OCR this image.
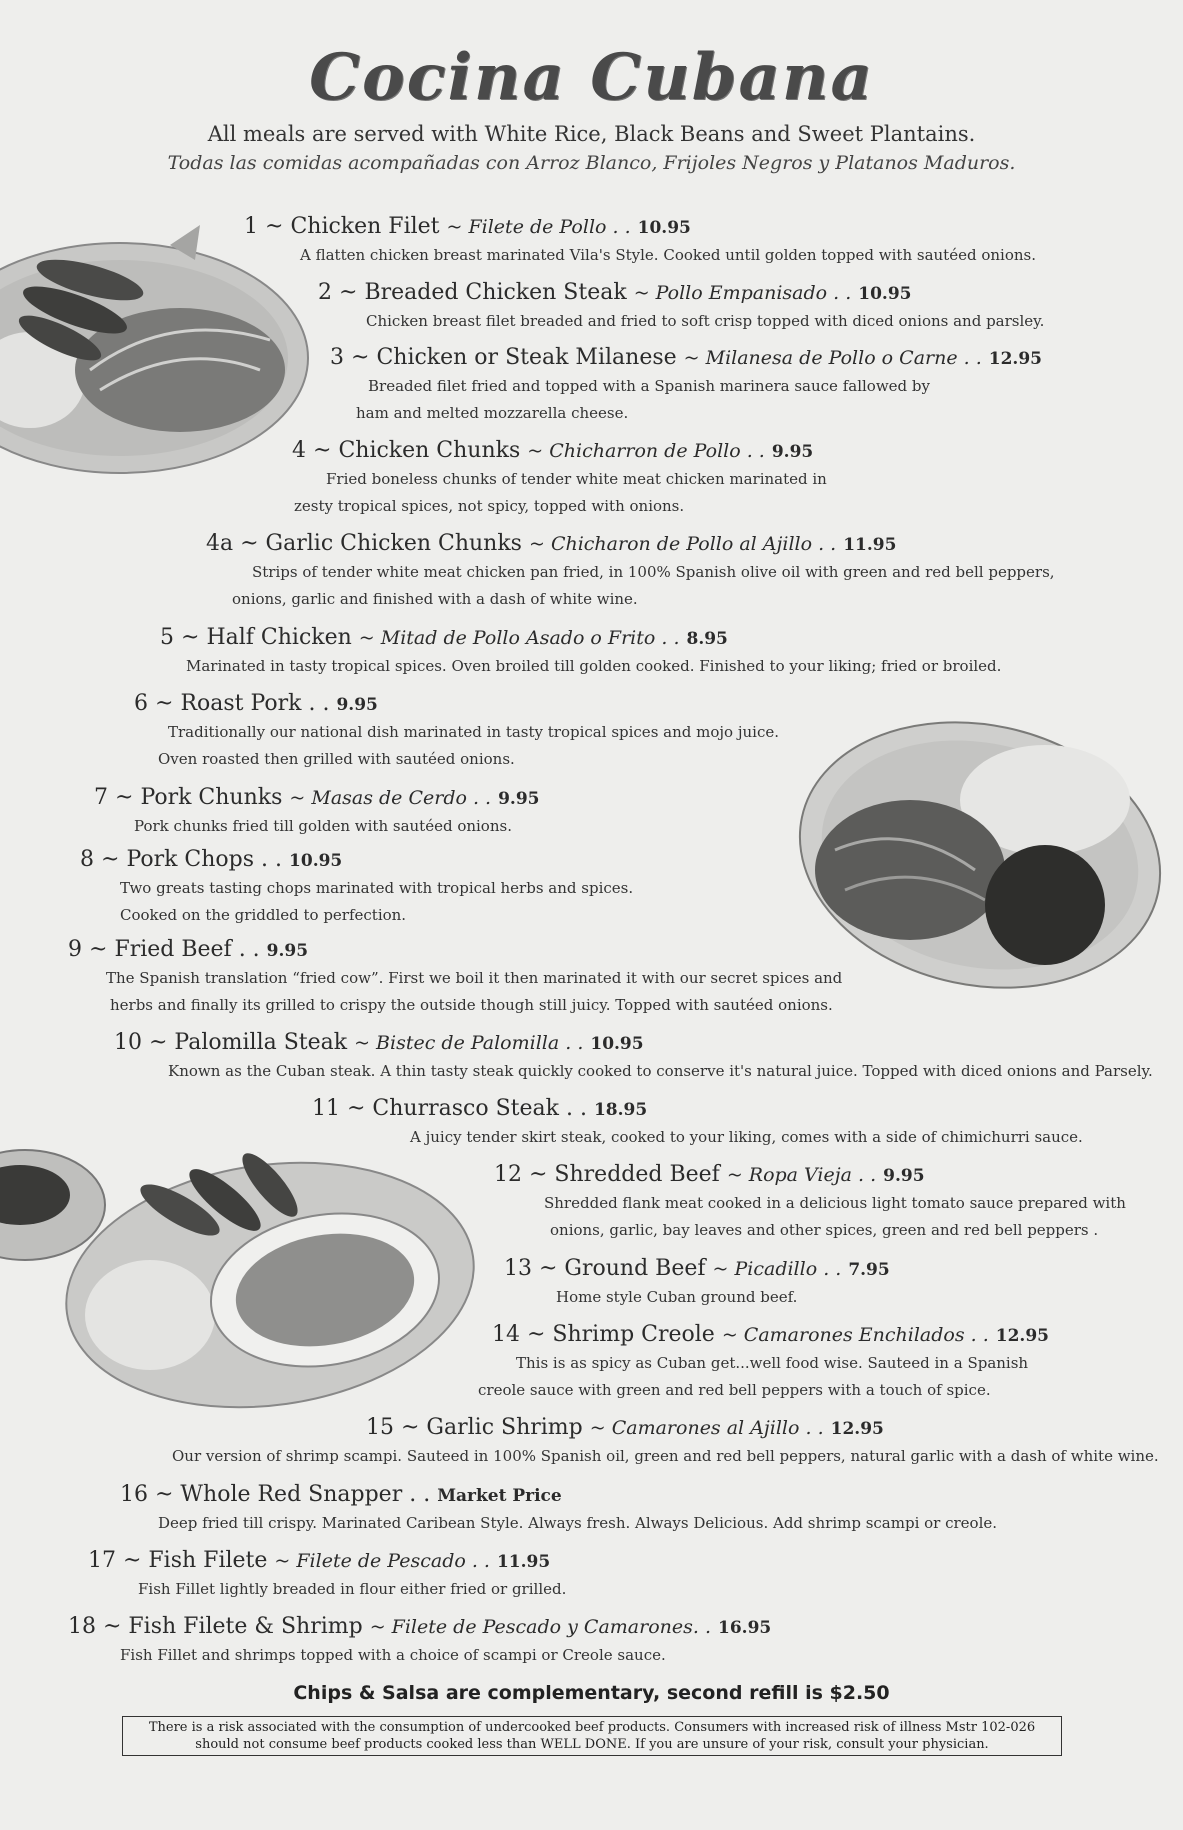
Cocina Cubana
All meals are served with White Rice, Black Beans and Sweet Plantains.
Todas las comidas acompañadas con Arroz Blanco, Frijoles Negros y Platanos Maduros.
1 ~ Chicken Filet ~ Filete de Pollo . . 10.95
A flatten chicken breast marinated Vila's Style. Cooked until golden topped with sautéed onions.
2 ~ Breaded Chicken Steak ~ Pollo Empanisado . . 10.95
Chicken breast filet breaded and fried to soft crisp topped with diced onions and parsley.
3 ~ Chicken or Steak Milanese ~ Milanesa de Pollo o Carne . . 12.95
Breaded filet fried and topped with a Spanish marinera sauce fallowed by
ham and melted mozzarella cheese.
4 ~ Chicken Chunks ~ Chicharron de Pollo . . 9.95
Fried boneless chunks of tender white meat chicken marinated in
zesty tropical spices, not spicy, topped with onions.
4a ~ Garlic Chicken Chunks ~ Chicharon de Pollo al Ajillo . . 11.95
Strips of tender white meat chicken pan fried, in 100% Spanish olive oil with green and red bell peppers,
onions, garlic and finished with a dash of white wine.
5 ~ Half Chicken ~ Mitad de Pollo Asado o Frito . . 8.95
Marinated in tasty tropical spices. Oven broiled till golden cooked. Finished to your liking; fried or broiled.
6 ~ Roast Pork . . 9.95
Traditionally our national dish marinated in tasty tropical spices and mojo juice.
Oven roasted then grilled with sautéed onions.
7 ~ Pork Chunks ~ Masas de Cerdo . . 9.95
Pork chunks fried till golden with sautéed onions.
8 ~ Pork Chops . . 10.95
Two greats tasting chops marinated with tropical herbs and spices.
Cooked on the griddled to perfection.
9 ~ Fried Beef . . 9.95
The Spanish translation “fried cow”. First we boil it then marinated it with our secret spices and
herbs and finally its grilled to crispy the outside though still juicy. Topped with sautéed onions.
10 ~ Palomilla Steak ~ Bistec de Palomilla . . 10.95
Known as the Cuban steak. A thin tasty steak quickly cooked to conserve it's natural juice. Topped with diced onions and Parsely.
11 ~ Churrasco Steak . . 18.95
A juicy tender skirt steak, cooked to your liking, comes with a side of chimichurri sauce.
12 ~ Shredded Beef ~ Ropa Vieja . . 9.95
Shredded flank meat cooked in a delicious light tomato sauce prepared with
onions, garlic, bay leaves and other spices, green and red bell peppers .
13 ~ Ground Beef ~ Picadillo . . 7.95
Home style Cuban ground beef.
14 ~ Shrimp Creole ~ Camarones Enchilados . . 12.95
This is as spicy as Cuban get...well food wise. Sauteed in a Spanish
creole sauce with green and red bell peppers with a touch of spice.
15 ~ Garlic Shrimp ~ Camarones al Ajillo . . 12.95
Our version of shrimp scampi. Sauteed in 100% Spanish oil, green and red bell peppers, natural garlic with a dash of white wine.
16 ~ Whole Red Snapper . . Market Price
Deep fried till crispy. Marinated Caribean Style. Always fresh. Always Delicious. Add shrimp scampi or creole.
17 ~ Fish Filete ~ Filete de Pescado . . 11.95
Fish Fillet lightly breaded in flour either fried or grilled.
18 ~ Fish Filete & Shrimp ~ Filete de Pescado y Camarones. . 16.95
Fish Fillet and shrimps topped with a choice of scampi or Creole sauce.
Chips & Salsa are complementary, second refill is $2.50
There is a risk associated with the consumption of undercooked beef products. Consumers with increased risk of illness Mstr 102-026
should not consume beef products cooked less than WELL DONE. If you are unsure of your risk, consult your physician.
